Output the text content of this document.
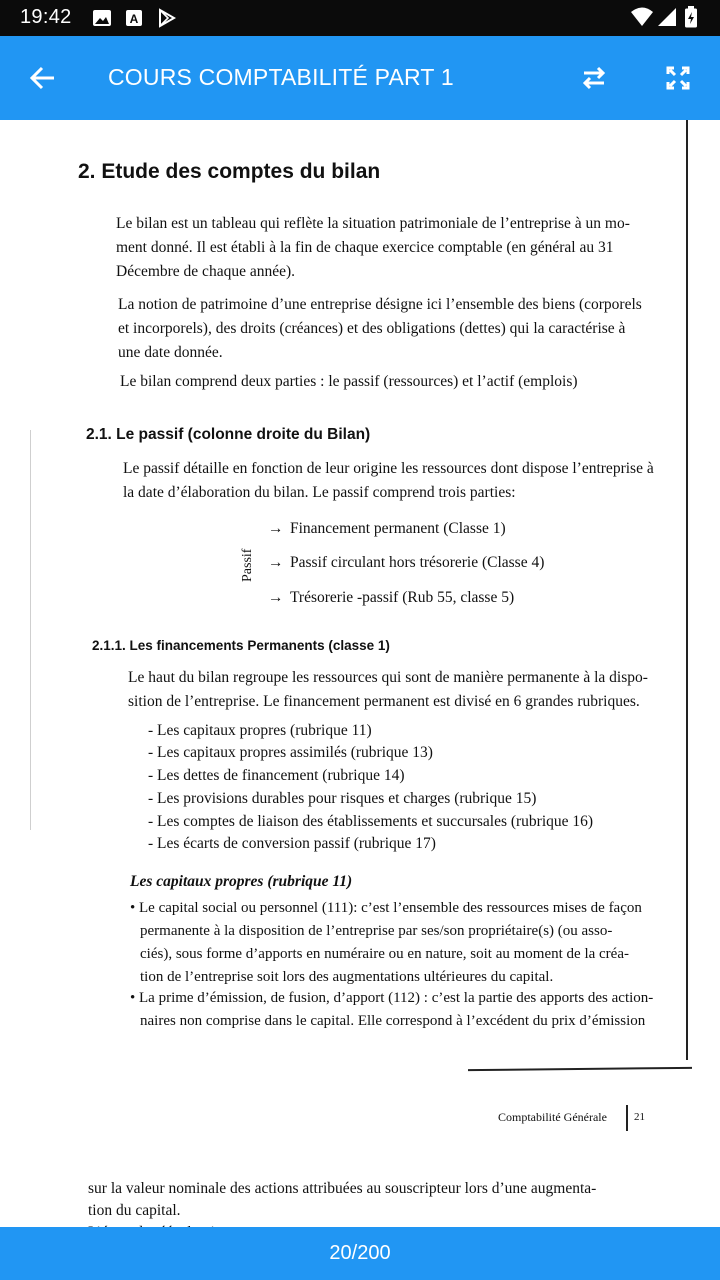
19:42	A
COURS COMPTABILITÉ PART 1
2. Etude des comptes du bilan
Le bilan est un tableau qui reflète la situation patrimoniale de l’entreprise à un mo-
ment donné. Il est établi à la fin de chaque exercice comptable (en général au 31
Décembre de chaque année).
La notion de patrimoine d’une entreprise désigne ici l’ensemble des biens (corporels
et incorporels), des droits (créances) et des obligations (dettes) qui la caractérise à
une date donnée.
Le bilan comprend deux parties : le passif (ressources) et l’actif (emplois)
2.1. Le passif (colonne droite du Bilan)
Le passif détaille en fonction de leur origine les ressources dont dispose l’entreprise à
la date d’élaboration du bilan. Le passif comprend trois parties:
Passif
→ Financement permanent (Classe 1)
→ Passif circulant hors trésorerie (Classe 4)
→ Trésorerie -passif (Rub 55, classe 5)
2.1.1. Les financements Permanents (classe 1)
Le haut du bilan regroupe les ressources qui sont de manière permanente à la dispo-
sition de l’entreprise. Le financement permanent est divisé en 6 grandes rubriques.
- Les capitaux propres (rubrique 11)
- Les capitaux propres assimilés (rubrique 13)
- Les dettes de financement (rubrique 14)
- Les provisions durables pour risques et charges (rubrique 15)
- Les comptes de liaison des établissements et succursales (rubrique 16)
- Les écarts de conversion passif (rubrique 17)
Les capitaux propres (rubrique 11)
• Le capital social ou personnel (111): c’est l’ensemble des ressources mises de façon
permanente à la disposition de l’entreprise par ses/son propriétaire(s) (ou asso-
ciés), sous forme d’apports en numéraire ou en nature, soit au moment de la créa-
tion de l’entreprise soit lors des augmentations ultérieures du capital.
• La prime d’émission, de fusion, d’apport (112) : c’est la partie des apports des action-
naires non comprise dans le capital. Elle correspond à l’excédent du prix d’émission
Comptabilité Générale 21
sur la valeur nominale des actions attribuées au souscripteur lors d’une augmenta-
tion du capital.
20/200
